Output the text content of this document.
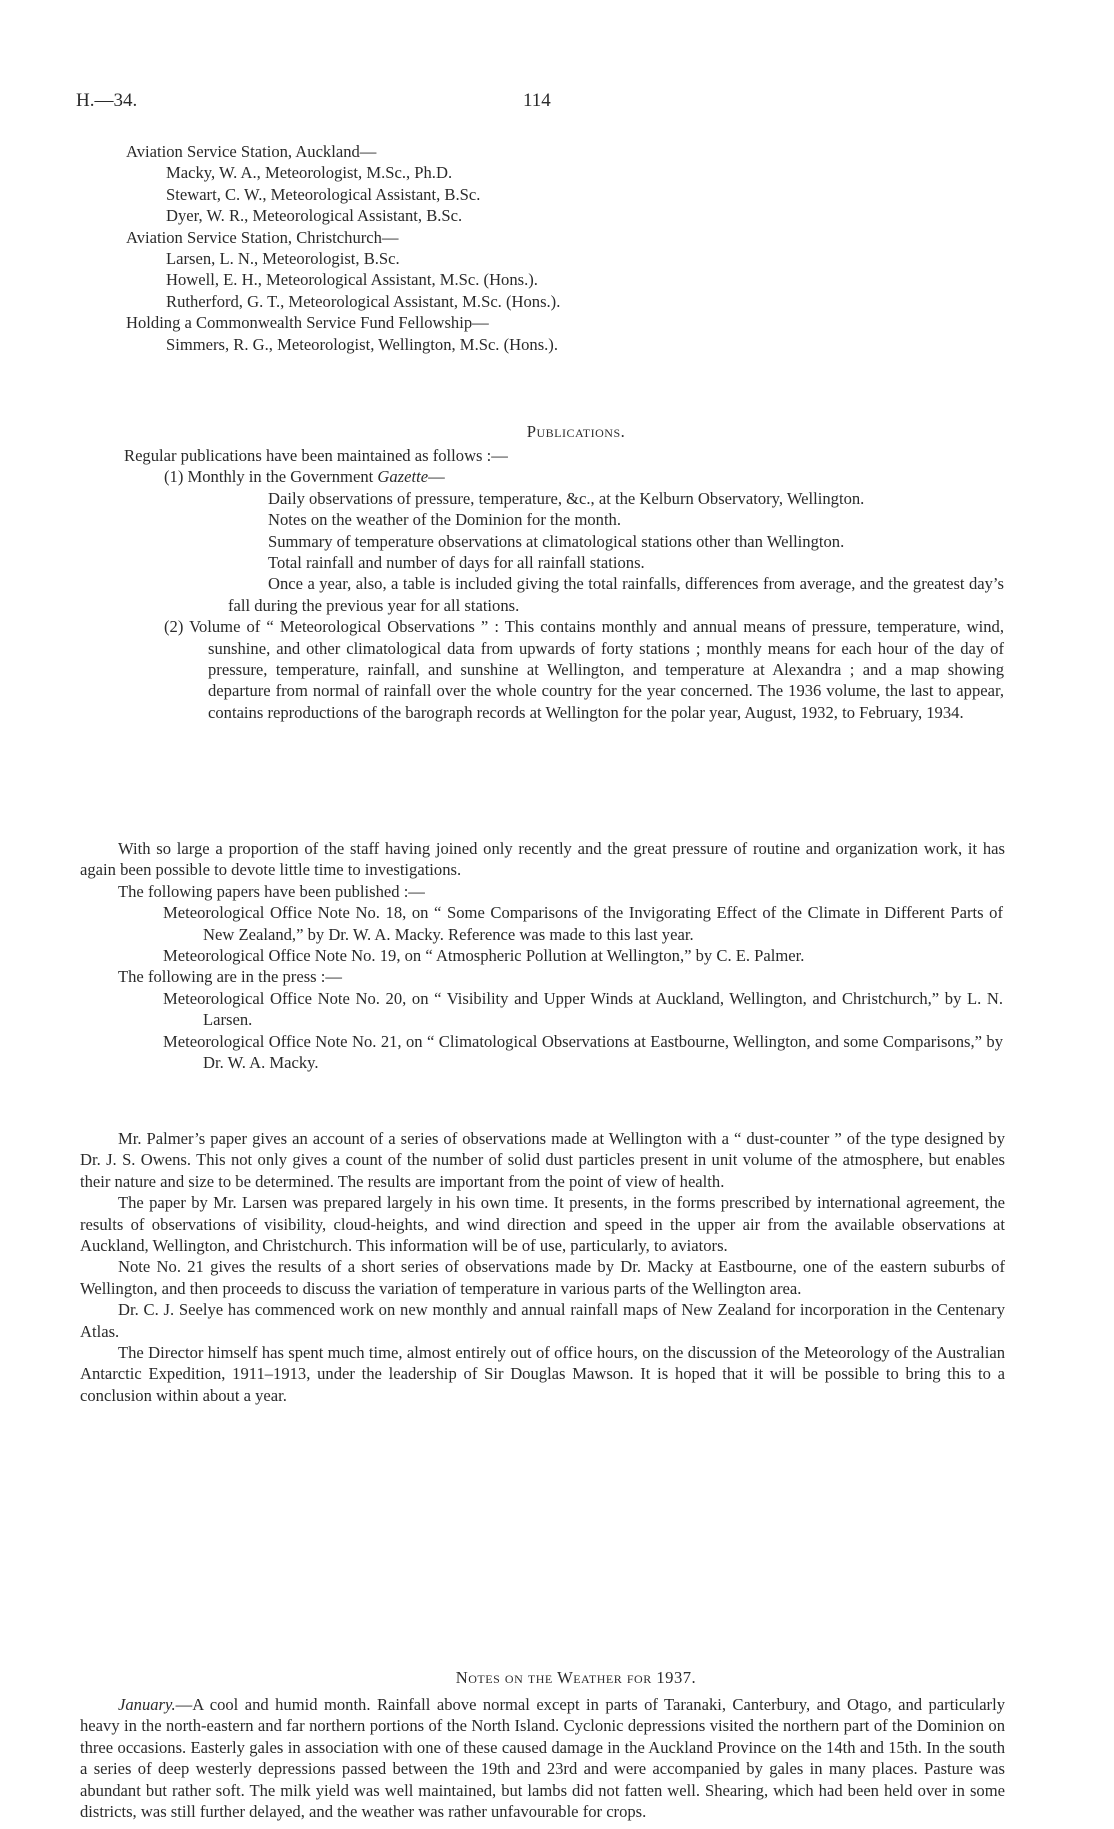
H.—34.	114

Aviation Service Station, Auckland—

Macky, W. A., Meteorologist, M.Sc., Ph.D.

Stewart, C. W., Meteorological Assistant, B.Sc.

Dyer, W. R., Meteorological Assistant, B.Sc.

Aviation Service Station, Christchurch—

Larsen, L. N., Meteorologist, B.Sc.

Howell, E. H., Meteorological Assistant, M.Sc. (Hons.).

Rutherford, G. T., Meteorological Assistant, M.Sc. (Hons.).

Holding a Commonwealth Service Fund Fellowship—

Simmers, R. G., Meteorologist, Wellington, M.Sc. (Hons.).

Publications.

Regular publications have been maintained as follows :—

(1) Monthly in the Government Gazette—

Daily observations of pressure, temperature, &c., at the Kelburn Observatory, Wellington.

Notes on the weather of the Dominion for the month.

Summary of temperature observations at climatological stations other than Wellington.

Total rainfall and number of days for all rainfall stations.

Once a year, also, a table is included giving the total rainfalls, differences from average, and the greatest day’s fall during the previous year for all stations.

(2) Volume of “ Meteorological Observations ” : This contains monthly and annual means of pressure, temperature, wind, sunshine, and other climatological data from upwards of forty stations ; monthly means for each hour of the day of pressure, temperature, rainfall, and sunshine at Wellington, and temperature at Alexandra ; and a map showing departure from normal of rainfall over the whole country for the year concerned. The 1936 volume, the last to appear, contains reproductions of the barograph records at Wellington for the polar year, August, 1932, to February, 1934.

With so large a proportion of the staff having joined only recently and the great pressure of routine and organization work, it has again been possible to devote little time to investigations.

The following papers have been published :—

Meteorological Office Note No. 18, on “ Some Comparisons of the Invigorating Effect of the Climate in Different Parts of New Zealand,” by Dr. W. A. Macky. Reference was made to this last year.

Meteorological Office Note No. 19, on “ Atmospheric Pollution at Wellington,” by C. E. Palmer.

The following are in the press :—

Meteorological Office Note No. 20, on “ Visibility and Upper Winds at Auckland, Wellington, and Christchurch,” by L. N. Larsen.

Meteorological Office Note No. 21, on “ Climatological Observations at Eastbourne, Wellington, and some Comparisons,” by Dr. W. A. Macky.

Mr. Palmer’s paper gives an account of a series of observations made at Wellington with a “ dust-counter ” of the type designed by Dr. J. S. Owens. This not only gives a count of the number of solid dust particles present in unit volume of the atmosphere, but enables their nature and size to be determined. The results are important from the point of view of health.

The paper by Mr. Larsen was prepared largely in his own time. It presents, in the forms prescribed by international agreement, the results of observations of visibility, cloud-heights, and wind direction and speed in the upper air from the available observations at Auckland, Wellington, and Christchurch. This information will be of use, particularly, to aviators.

Note No. 21 gives the results of a short series of observations made by Dr. Macky at Eastbourne, one of the eastern suburbs of Wellington, and then proceeds to discuss the variation of temperature in various parts of the Wellington area.

Dr. C. J. Seelye has commenced work on new monthly and annual rainfall maps of New Zealand for incorporation in the Centenary Atlas.

The Director himself has spent much time, almost entirely out of office hours, on the discussion of the Meteorology of the Australian Antarctic Expedition, 1911–1913, under the leadership of Sir Douglas Mawson. It is hoped that it will be possible to bring this to a conclusion within about a year.

Notes on the Weather for 1937.

January.—A cool and humid month. Rainfall above normal except in parts of Taranaki, Canterbury, and Otago, and particularly heavy in the north-eastern and far northern portions of the North Island. Cyclonic depressions visited the northern part of the Dominion on three occasions. Easterly gales in association with one of these caused damage in the Auckland Province on the 14th and 15th. In the south a series of deep westerly depressions passed between the 19th and 23rd and were accompanied by gales in many places. Pasture was abundant but rather soft. The milk yield was well maintained, but lambs did not fatten well. Shearing, which had been held over in some districts, was still further delayed, and the weather was rather unfavourable for crops.
